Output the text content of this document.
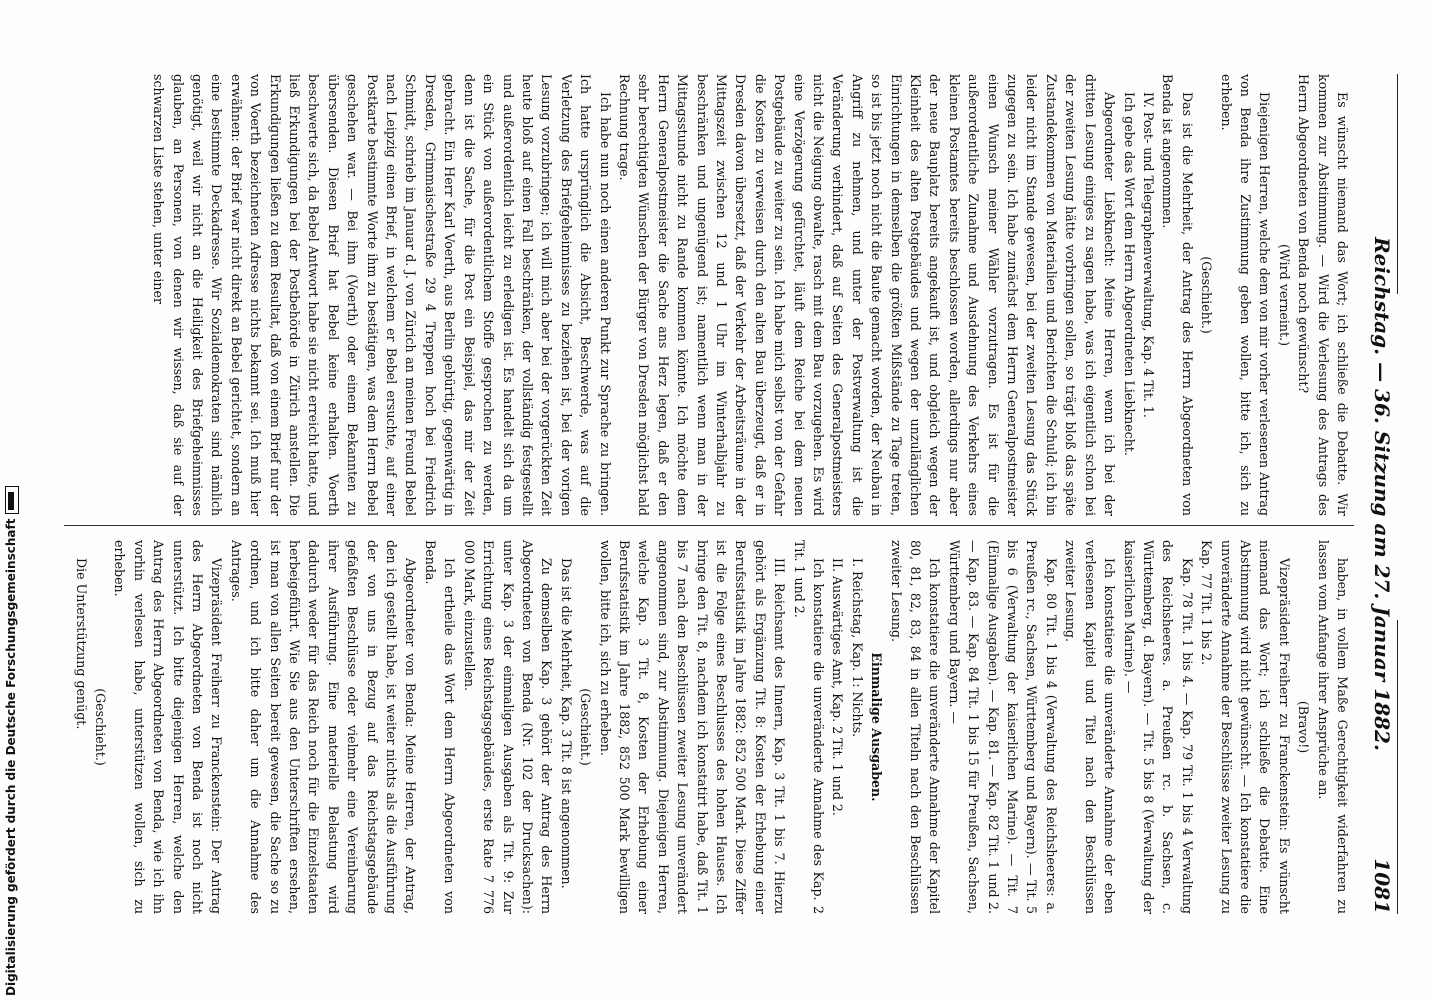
Reichstag. — 36. Sitzung am 27. Januar 1882.
1081

Es wünscht niemand das Wort; ich schließe die Debatte. Wir kommen zur Abstimmung. — Wird die Verlesung des Antrags des Herrn Abgeordneten von Benda noch gewünscht?

(Wird verneint.)

Diejenigen Herren, welche dem von mir vorher verlesenen Antrag von Benda ihre Zustimmung geben wollen, bitte ich, sich zu erheben.

(Geschieht.)

Das ist die Mehrheit, der Antrag des Herrn Abgeordneten von Benda ist angenommen.

IV. Post- und Telegraphenverwaltung, Kap. 4 Tit. 1.

Ich gebe das Wort dem Herrn Abgeordneten Liebknecht.

Abgeordneter Liebknecht: Meine Herren, wenn ich bei der dritten Lesung einiges zu sagen habe, was ich eigentlich schon bei der zweiten Lesung hätte vorbringen sollen, so trägt bloß das späte Zustandekommen von Materialien und Berichten die Schuld; ich bin leider nicht im Stande gewesen, bei der zweiten Lesung das Stück zugegen zu sein. Ich habe zunächst dem Herrn Generalpostmeister einen Wunsch meiner Wähler vorzutragen. Es ist für die außerordentliche Zunahme und Ausdehnung des Verkehrs eines kleinen Postamtes bereits beschlossen worden, allerdings nur aber der neue Bauplatz bereits angekauft ist, und obgleich wegen der Kleinheit des alten Postgebäudes und wegen der unzulänglichen Einrichtungen in demselben die größten Mißstände zu Tage treten, so ist bis jetzt noch nicht die Baute gemacht worden, der Neubau in Angriff zu nehmen, und unter der Postverwaltung ist die Veränderung verhindert, daß auf Seiten des Generalpostmeisters nicht die Neigung obwalte, rasch mit dem Bau vorzugehen. Es wird eine Verzögerung gefürchtet, läuft dem Reiche bei dem neuen Postgebäude zu weiter zu sein. Ich habe mich selbst von der Gefahr die Kosten zu verweisen durch den alten Bau überzeugt, daß er in Dresden davon übersetzt, daß der Verkehr der Arbeitsräume in der Mittagszeit zwischen 12 und 1 Uhr im Winterhalbjahr zu beschränken und ungenügend ist; namentlich wenn man in der Mittagsstunde nicht zu Rande kommen könnte. Ich möchte dem Herrn Generalpostmeister die Sache ans Herz legen, daß er den sehr berechtigten Wünschen der Bürger von Dresden möglichst bald Rechnung trage.

Ich habe nun noch einen anderen Punkt zur Sprache zu bringen. Ich hatte ursprünglich die Absicht, Beschwerde, was auf die Verletzung des Briefgeheimnisses zu beziehen ist, bei der vorigen Lesung vorzubringen; ich will mich aber bei der vorgerückten Zeit heute bloß auf einen Fall beschränken, der vollständig festgestellt und außerordentlich leicht zu erledigen ist. Es handelt sich da um ein Stück von außerordentlichem Stoffe gesprochen zu werden, denn ist die Sache, für die Post ein Beispiel, das mir der Zeit gebracht. Ein Herr Karl Voerth, aus Berlin gebürtig, gegenwärtig in Dresden, Grimmaischestraße 29 4 Treppen hoch bei Friedrich Schmidt, schrieb im Januar d. J. von Zürich an meinen Freund Bebel nach Leipzig einen Brief, in welchem er Bebel ersuchte, auf einer Postkarte bestimmte Worte ihm zu bestätigen, was dem Herrn Bebel geschehen war. — Bei ihm (Voerth) oder einem Bekannten zu übersenden. Diesen Brief hat Bebel keine erhalten. Voerth beschwerte sich, da Bebel Antwort habe sie nicht erreicht hatte, und ließ Erkundigungen bei der Postbehörde in Zürich anstellen. Die Erkundigungen ließen zu dem Resultat, daß von einem Brief nur der von Voerth bezeichneten Adresse nichts bekannt sei. Ich muß hier erwähnen: der Brief war nicht direkt an Bebel gerichtet, sondern an eine bestimmte Deckadresse. Wir Sozialdemokraten sind nämlich genötigt, weil wir nicht an die Heiligkeit des Briefgeheimnisses glauben, an Personen, von denen wir wissen, daß sie auf der schwarzen Liste stehen, unter einer

haben, in vollem Maße Gerechtigkeit widerfahren zu lassen vom Anfange ihrer Ansprüche an.

(Bravo!)

Vizepräsident Freiherr zu Franckenstein: Es wünscht niemand das Wort; ich schließe die Debatte. Eine Abstimmung wird nicht gewünscht. — Ich konstatiere die unveränderte Annahme der Beschlüsse zweiter Lesung zu Kap. 77 Tit. 1 bis 2.

Kap. 78 Tit. 1 bis 4. — Kap. 79 Tit. 1 bis 4 Verwaltung des Reichsheeres. a. Preußen rc. b. Sachsen, c. Württemberg, d. Bayern). — Tit. 5 bis 8 (Verwaltung der kaiserlichen Marine). —

Ich konstatiere die unveränderte Annahme der eben verlesenen Kapitel und Titel nach den Beschlüssen zweiter Lesung.

Kap. 80 Tit. 1 bis 4 (Verwaltung des Reichsheeres: a. Preußen rc., Sachsen, Württemberg und Bayern). — Tit. 5 bis 6 (Verwaltung der kaiserlichen Marine). — Tit. 7 (Einmalige Ausgaben). — Kap. 81. — Kap. 82 Tit. 1 und 2. — Kap. 83. — Kap. 84 Tit. 1 bis 15 für Preußen, Sachsen, Württemberg und Bayern. —

Ich konstatiere die unveränderte Annahme der Kapitel 80, 81, 82, 83, 84 in allen Titeln nach den Beschlüssen zweiter Lesung.

Einmalige Ausgaben.

I. Reichstag, Kap. 1: Nichts.

II. Auswärtiges Amt, Kap. 2 Tit. 1 und 2.

Ich konstatiere die unveränderte Annahme des Kap. 2 Tit. 1 und 2.

III. Reichsamt des Innern, Kap. 3 Tit. 1 bis 7. Hierzu gehört als Ergänzung Tit. 8: Kosten der Erhebung einer Berufsstatistik im Jahre 1882: 852 500 Mark. Diese Ziffer ist die Folge eines Beschlusses des hohen Hauses. Ich bringe den Tit. 8, nachdem ich konstatirt habe, daß Tit. 1 bis 7 nach den Beschlüssen zweiter Lesung unverändert angenommen sind, zur Abstimmung. Diejenigen Herren, welche Kap. 3 Tit. 8, Kosten der Erhebung einer Berufsstatistik im Jahre 1882, 852 500 Mark bewilligen wollen, bitte ich, sich zu erheben.

(Geschieht.)

Das ist die Mehrheit, Kap. 3 Tit. 8 ist angenommen.

Zu demselben Kap. 3 gehört der Antrag des Herrn Abgeordneten von Benda (Nr. 102 der Drucksachen): unter Kap. 3 der einmaligen Ausgaben als Tit. 9: Zur Errichtung eines Reichstagsgebäudes, erste Rate 7 776 000 Mark, einzustellen.

Ich ertheile das Wort dem Herrn Abgeordneten von Benda.

Abgeordneter von Benda: Meine Herren, der Antrag, den ich gestellt habe, ist weiter nichts als die Ausführung der von uns in Bezug auf das Reichstagsgebäude gefaßten Beschlüsse oder vielmehr eine Vereinbarung ihrer Ausführung. Eine materielle Belastung wird dadurch weder für das Reich noch für die Einzelstaaten herbeigeführt. Wie Sie aus den Unterschriften ersehen, ist man von allen Seiten bereit gewesen, die Sache so zu ordnen, und ich bitte daher um die Annahme des Antrages.

Vizepräsident Freiherr zu Franckenstein: Der Antrag des Herrn Abgeordneten von Benda ist noch nicht unterstützt. Ich bitte diejenigen Herren, welche den Antrag des Herrn Abgeordneten von Benda, wie ich ihn vorhin verlesen habe, unterstützen wollen, sich zu erheben.

(Geschieht.)

Die Unterstützung genügt.

Digitalisierung gefördert durch die Deutsche Forschungsgemeinschaft
